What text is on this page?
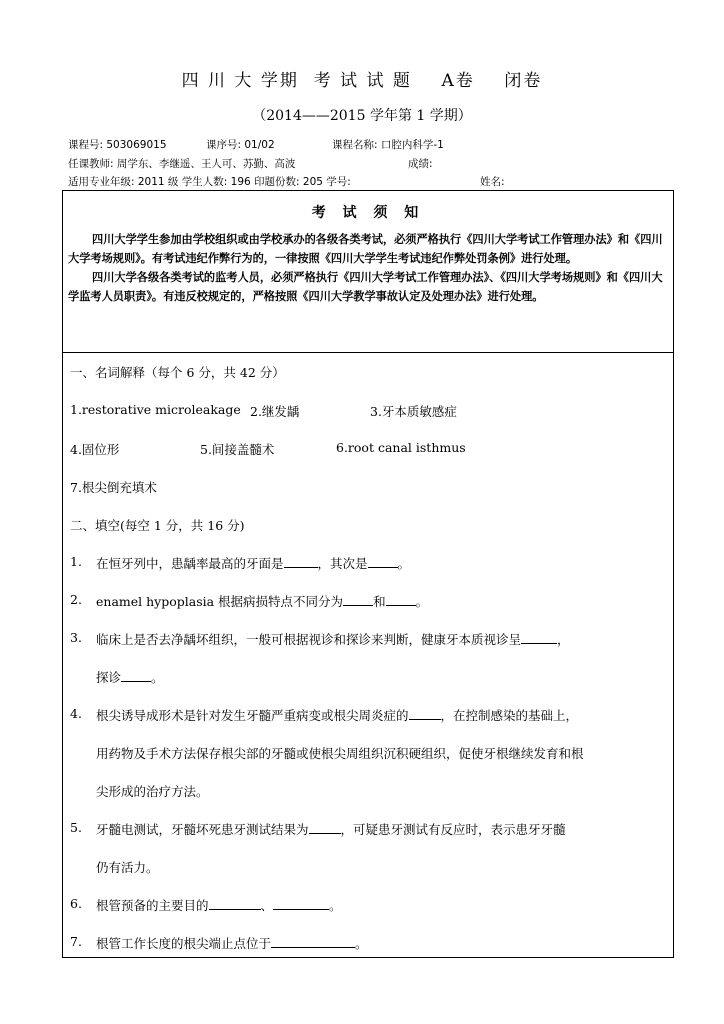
四 川 大 学期  考 试 试 题    A卷    闭卷
（2014——2015 学年第 1 学期）
课程号: 503069015	课序号: 01/02	课程名称: 口腔内科学-1
任课教师: 周学东、李继遥、王人可、苏勤、高波	成绩:
适用专业年级: 2011 级 学生人数: 196 印题份数: 205 学号:	姓名:
考 试 须 知

四川大学学生参加由学校组织或由学校承办的各级各类考试，必须严格执行《四川大学考试工作管理办法》和《四川大学考场规则》。有考试违纪作弊行为的，一律按照《四川大学学生考试违纪作弊处罚条例》进行处理。

四川大学各级各类考试的监考人员，必须严格执行《四川大学考试工作管理办法》、《四川大学考场规则》和《四川大学监考人员职责》。有违反校规定的，严格按照《四川大学教学事故认定及处理办法》进行处理。

一、名词解释（每个 6 分，共 42 分）
1.restorative microleakage 2.继发龋	3.牙本质敏感症
4.固位形	5.间接盖髓术	6.root canal isthmus
7.根尖倒充填术
二、填空(每空 1 分，共 16 分)
1. 在恒牙列中，患龋率最高的牙面是	，其次是 。
2. enamel hypoplasia 根据病损特点不同分为 和 。
3. 临床上是否去净龋坏组织，一般可根据视诊和探诊来判断，健康牙本质视诊呈	，
探诊 。
4. 根尖诱导成形术是针对发生牙髓严重病变或根尖周炎症的	，在控制感染的基础上，
用药物及手术方法保存根尖部的牙髓或使根尖周组织沉积硬组织，促使牙根继续发育和根
尖形成的治疗方法。
5. 牙髓电测试，牙髓坏死患牙测试结果为	，可疑患牙测试有反应时，表示患牙牙髓
仍有活力。
6. 根管预备的主要目的	、	。
7. 根管工作长度的根尖端止点位于	。
